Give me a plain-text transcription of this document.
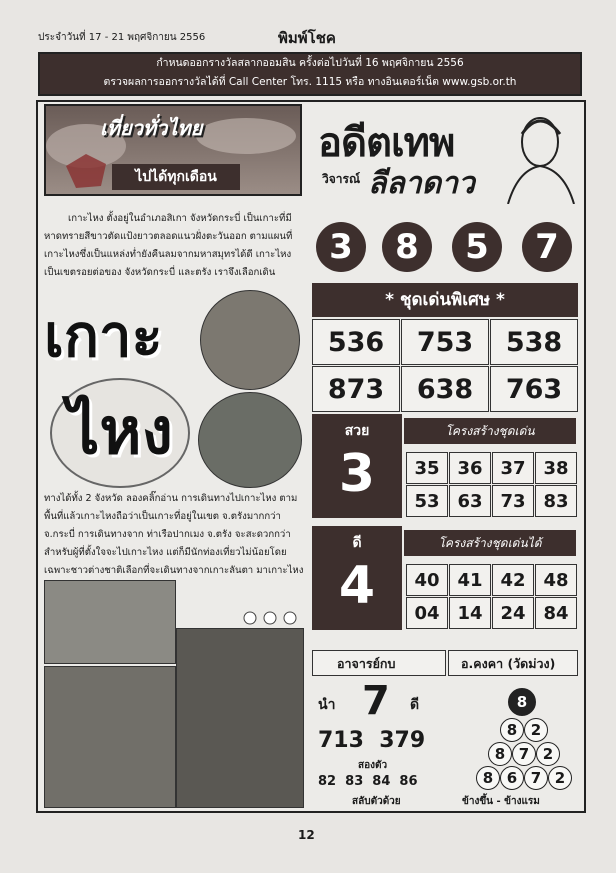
ประจำวันที่ 17 - 21 พฤศจิกายน 2556	พิมพ์โชค
กำหนดออกรางวัลสลากออมสิน ครั้งต่อไปวันที่ 16 พฤศจิกายน 2556
ตรวจผลการออกรางวัลได้ที่ Call Center โทร. 1115 หรือ ทางอินเตอร์เน็ต www.gsb.or.th
เที่ยวทั่วไทย
ไปได้ทุกเดือน

เกาะไหง ตั้งอยู่ในอำเภอสิเกา จังหวัดกระบี่ เป็นเกาะที่มีหาดทรายสีขาวตัดแป้งยาวตลอดแนวฝั่งตะวันออก ตามแผนที่ เกาะไหงซึ่งเป็นแหล่งท่ำยังคืนลมจากมหาสมุทรได้ดี เกาะไหงเป็นเขตรอยต่อของ จังหวัดกระบี่ และตรัง เราจึงเลือกเดิน

เกาะ
ไหง

ทางได้ทั้ง 2 จังหวัด ลองคลิ๊กอ่าน การเดินทางไปเกาะไหง ตามพื้นที่แล้วเกาะไหงถือว่าเป็นเกาะที่อยู่ในเขต จ.ตรังมากกว่า จ.กระบี่ การเดินทางจาก ท่าเรือปากเมง จ.ตรัง จะสะดวกกว่า สำหรับผู้ที่ตั้งใจจะไปเกาะไหง แต่ก็มีนักท่องเที่ยวไม่น้อยโดยเฉพาะชาวต่างชาติเลือกที่จะเดินทางจากเกาะลันตา มาเกาะไหง

อดีตเทพ
วิจารณ์ ลีลาดาว
3	8	5	7
* ชุดเด่นพิเศษ *
536	753	538
873	638	763
สวย
3
โครงสร้างชุดเด่น
35 36 37 38
53 63 73 83
ดี
4
โครงสร้างชุดเด่นได้
40 41 42 48
04 14 24 84
อาจารย์กบ	อ.คงคา (วัดม่วง)
นำ 7 ดี
713  379
สองตัว
82  83  84  86
สลับตัวด้วย
8
8 2
8 7 2
8 6 7 2
ข้างขึ้น - ข้างแรม
12
